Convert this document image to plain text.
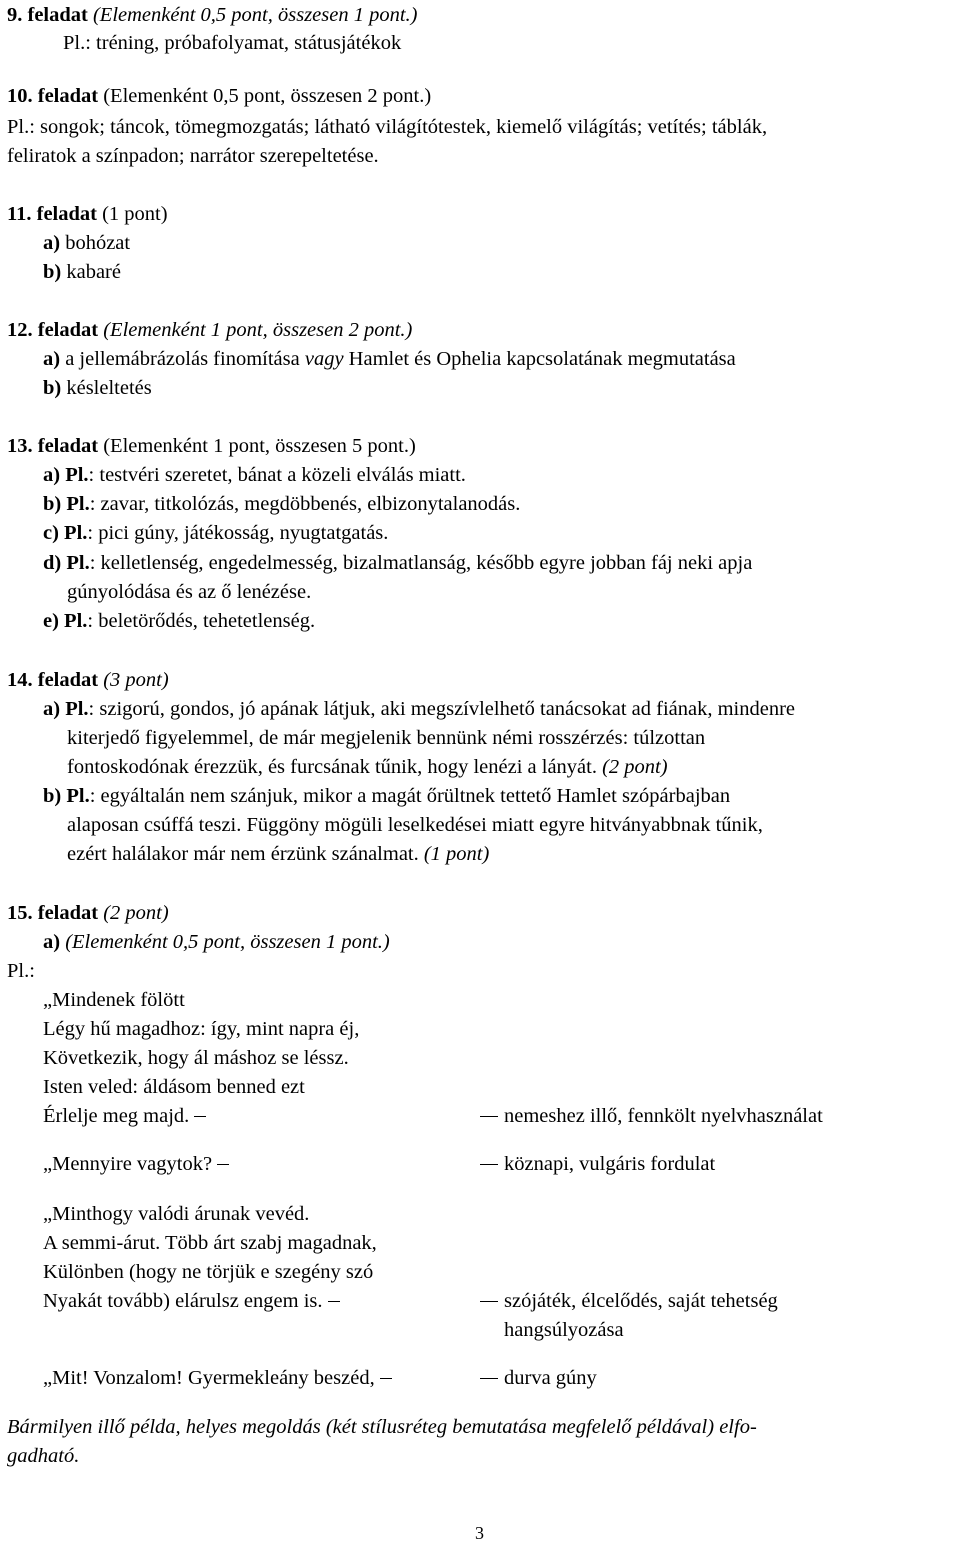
9. feladat (Elemenként 0,5 pont, összesen 1 pont.)
Pl.: tréning, próbafolyamat, státusjátékok
10. feladat (Elemenként 0,5 pont, összesen 2 pont.)
Pl.: songok; táncok, tömegmozgatás; látható világítótestek, kiemelő világítás; vetítés; táblák,
feliratok a színpadon; narrátor szerepeltetése.
11. feladat (1 pont)
a) bohózat
b) kabaré
12. feladat (Elemenként 1 pont, összesen 2 pont.)
a) a jellemábrázolás finomítása vagy Hamlet és Ophelia kapcsolatának megmutatása
b) késleltetés
13. feladat (Elemenként 1 pont, összesen 5 pont.)
a) Pl.: testvéri szeretet, bánat a közeli elválás miatt.
b) Pl.: zavar, titkolózás, megdöbbenés, elbizonytalanodás.
c) Pl.: pici gúny, játékosság, nyugtatgatás.
d) Pl.: kelletlenség, engedelmesség, bizalmatlanság, később egyre jobban fáj neki apja
gúnyolódása és az ő lenézése.
e) Pl.: beletörődés, tehetetlenség.
14. feladat (3 pont)
a) Pl.: szigorú, gondos, jó apának látjuk, aki megszívlelhető tanácsokat ad fiának, mindenre
kiterjedő figyelemmel, de már megjelenik bennünk némi rosszérzés: túlzottan
fontoskodónak érezzük, és furcsának tűnik, hogy lenézi a lányát. (2 pont)
b) Pl.: egyáltalán nem szánjuk, mikor a magát őrültnek tettető Hamlet szópárbajban
alaposan csúffá teszi. Függöny mögüli leselkedései miatt egyre hitványabbnak tűnik,
ezért halálakor már nem érzünk szánalmat. (1 pont)
15. feladat (2 pont)
a) (Elemenként 0,5 pont, összesen 1 pont.)
Pl.:
„Mindenek fölött
Légy hű magadhoz: így, mint napra éj,
Következik, hogy ál máshoz se léssz.
Isten veled: áldásom benned ezt
Érlelje meg majd.	nemeshez illő, fennkölt nyelvhasználat
„Mennyire vagytok?	köznapi, vulgáris fordulat
„Minthogy valódi árunak vevéd.
A semmi-árut. Több árt szabj magadnak,
Különben (hogy ne törjük e szegény szó
Nyakát tovább) elárulsz engem is.	szójáték, élcelődés, saját tehetség
hangsúlyozása
„Mit! Vonzalom! Gyermekleány beszéd,	durva gúny
Bármilyen illő példa, helyes megoldás (két stílusréteg bemutatása megfelelő példával) elfo-
gadható.
3
